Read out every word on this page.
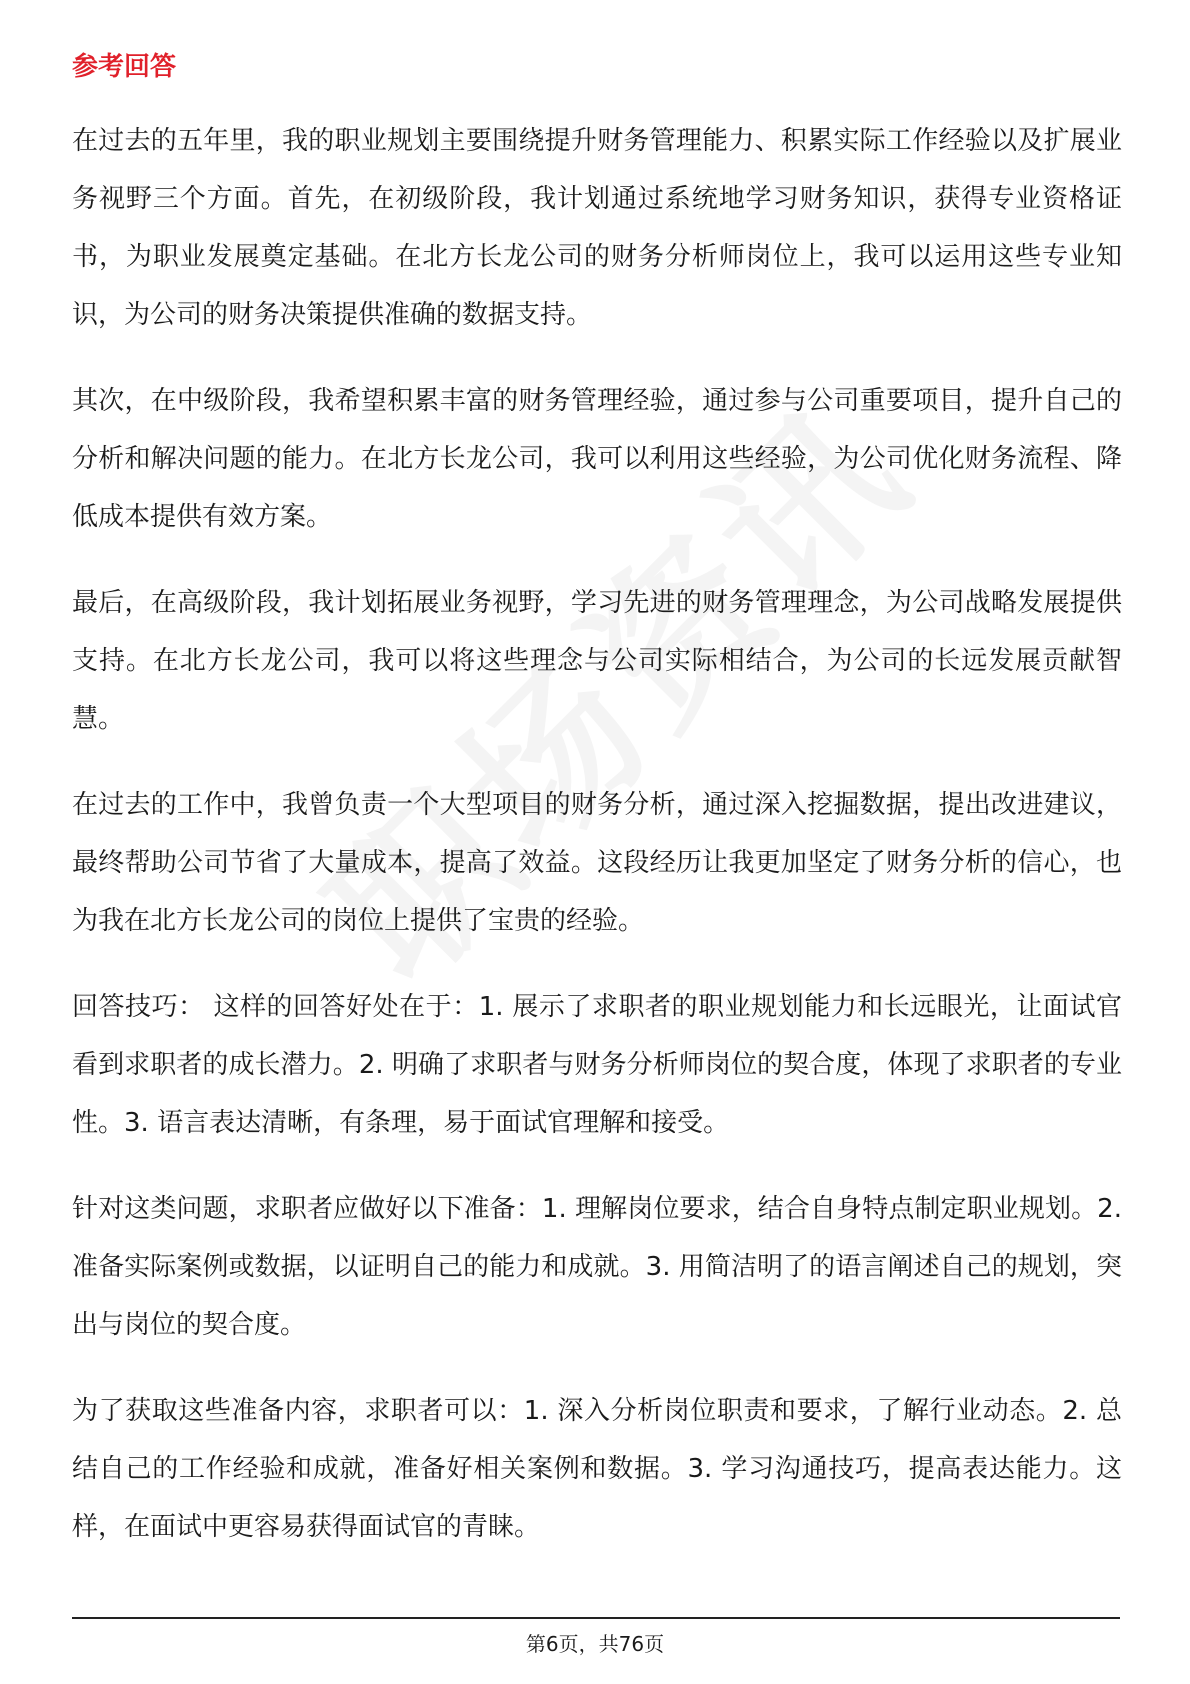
参考回答

在过去的五年里，我的职业规划主要围绕提升财务管理能力、积累实际工作经验以及扩展业务视野三个方面。首先，在初级阶段，我计划通过系统地学习财务知识，获得专业资格证书，为职业发展奠定基础。在北方长龙公司的财务分析师岗位上，我可以运用这些专业知识，为公司的财务决策提供准确的数据支持。

其次，在中级阶段，我希望积累丰富的财务管理经验，通过参与公司重要项目，提升自己的分析和解决问题的能力。在北方长龙公司，我可以利用这些经验，为公司优化财务流程、降低成本提供有效方案。

最后，在高级阶段，我计划拓展业务视野，学习先进的财务管理理念，为公司战略发展提供支持。在北方长龙公司，我可以将这些理念与公司实际相结合，为公司的长远发展贡献智慧。

在过去的工作中，我曾负责一个大型项目的财务分析，通过深入挖掘数据，提出改进建议，最终帮助公司节省了大量成本，提高了效益。这段经历让我更加坚定了财务分析的信心，也为我在北方长龙公司的岗位上提供了宝贵的经验。

回答技巧： 这样的回答好处在于：1. 展示了求职者的职业规划能力和长远眼光，让面试官看到求职者的成长潜力。2. 明确了求职者与财务分析师岗位的契合度，体现了求职者的专业性。3. 语言表达清晰，有条理，易于面试官理解和接受。

针对这类问题，求职者应做好以下准备：1. 理解岗位要求，结合自身特点制定职业规划。2. 准备实际案例或数据，以证明自己的能力和成就。3. 用简洁明了的语言阐述自己的规划，突出与岗位的契合度。

为了获取这些准备内容，求职者可以：1. 深入分析岗位职责和要求，了解行业动态。2. 总结自己的工作经验和成就，准备好相关案例和数据。3. 学习沟通技巧，提高表达能力。这样，在面试中更容易获得面试官的青睐。

第6页，共76页
